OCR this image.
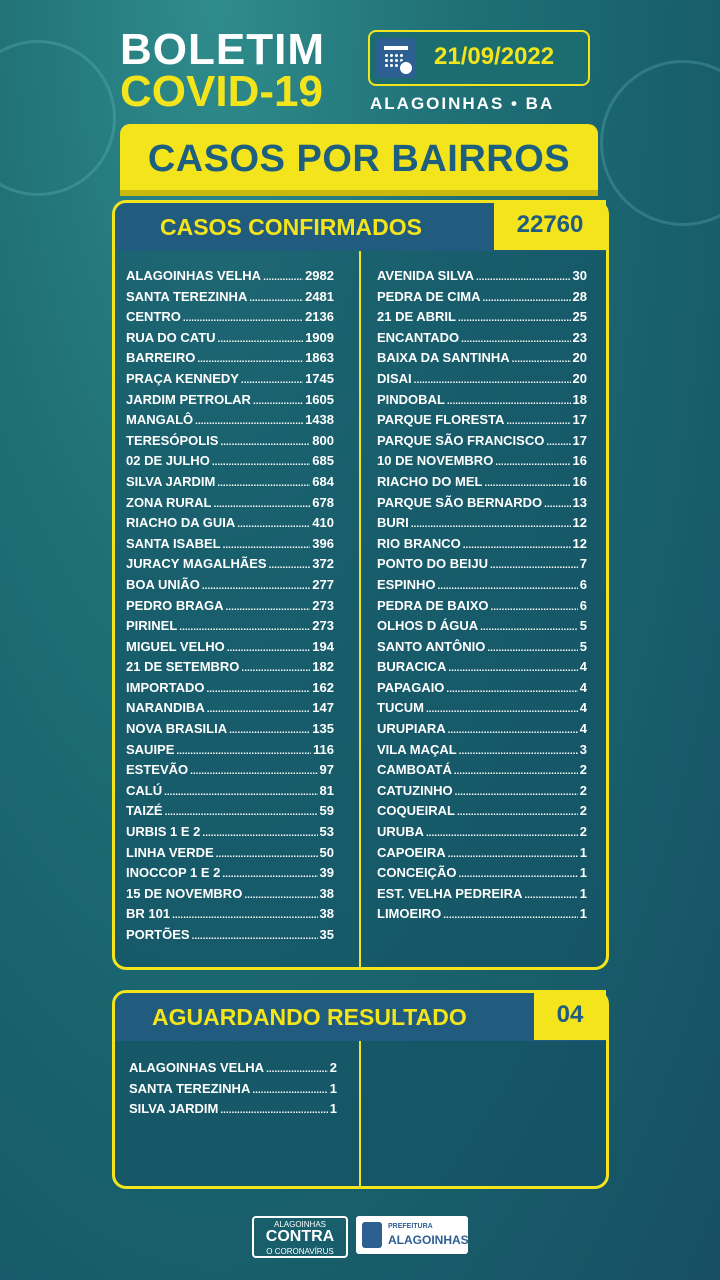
BOLETIM
COVID-19
21/09/2022
ALAGOINHAS • BA
CASOS POR BAIRROS
CASOS CONFIRMADOS	22760
ALAGOINHAS VELHA .....	2982
SANTA TEREZINHA .....	2481
CENTRO .....	2136
RUA DO CATU .....	1909
BARREIRO .....	1863
PRAÇA KENNEDY .....	1745
JARDIM PETROLAR .....	1605
MANGALÔ .....	1438
TERESÓPOLIS .....	800
02 DE JULHO .....	685
SILVA JARDIM .....	684
ZONA RURAL .....	678
RIACHO DA GUIA .....	410
SANTA ISABEL .....	396
JURACY MAGALHÃES .....	372
BOA UNIÃO .....	277
PEDRO BRAGA .....	273
PIRINEL .....	273
MIGUEL VELHO .....	194
21 DE SETEMBRO .....	182
IMPORTADO .....	162
NARANDIBA .....	147
NOVA BRASILIA .....	135
SAUIPE .....	116
ESTEVÃO .....	97
CALÚ .....	81
TAIZÉ .....	59
URBIS 1 E 2 .....	53
LINHA VERDE .....	50
INOCCOP 1 E 2 .....	39
15 DE NOVEMBRO .....	38
BR 101 .....	38
PORTÕES .....	35
AVENIDA SILVA .....	30
PEDRA DE CIMA .....	28
21 DE ABRIL .....	25
ENCANTADO .....	23
BAIXA DA SANTINHA .....	20
DISAI .....	20
PINDOBAL .....	18
PARQUE FLORESTA .....	17
PARQUE SÃO FRANCISCO ..... 17
10 DE NOVEMBRO .....	16
RIACHO DO MEL .....	16
PARQUE SÃO BERNARDO ..... 13
BURI .....	12
RIO BRANCO .....	12
PONTO DO BEIJU .....	7
ESPINHO .....	6
PEDRA DE BAIXO .....	6
OLHOS D ÁGUA .....	5
SANTO ANTÔNIO .....	5
BURACICA .....	4
PAPAGAIO .....	4
TUCUM .....	4
URUPIARA .....	4
VILA MAÇAL .....	3
CAMBOATÁ .....	2
CATUZINHO .....	2
COQUEIRAL .....	2
URUBA .....	2
CAPOEIRA .....	1
CONCEIÇÃO .....	1
EST. VELHA PEDREIRA .....	1
LIMOEIRO .....	1
AGUARDANDO RESULTADO	04
ALAGOINHAS VELHA .....	2
SANTA TEREZINHA .....	1
SILVA JARDIM .....	1
ALAGOINHAS
CONTRA
O CORONAVÍRUS
PREFEITURA
ALAGOINHAS
